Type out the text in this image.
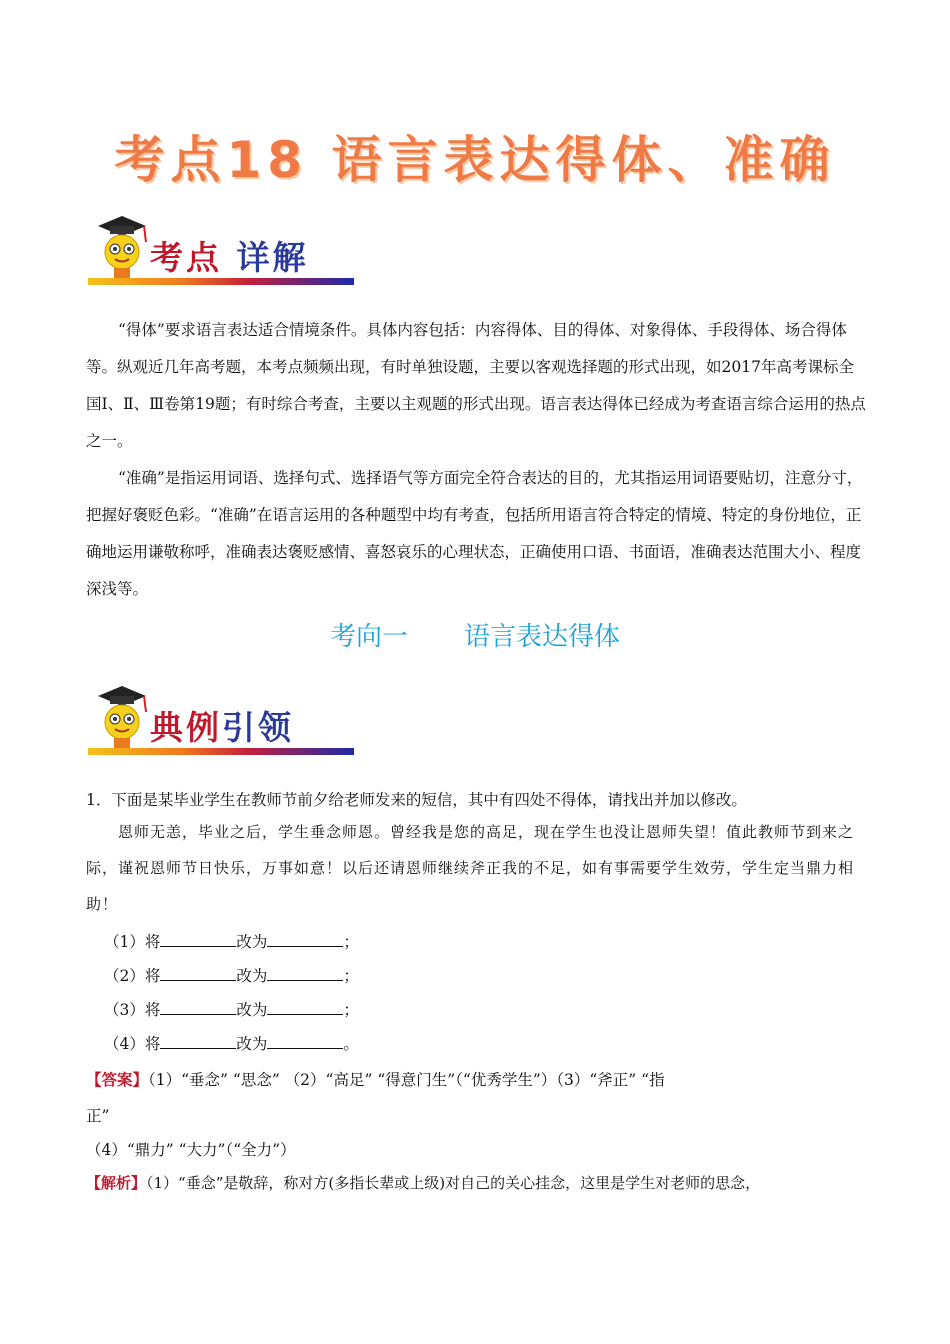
考点18 语言表达得体、准确
考点 详解

“得体”要求语言表达适合情境条件。具体内容包括：内容得体、目的得体、对象得体、手段得体、场合得体等。纵观近几年高考题，本考点频频出现，有时单独设题，主要以客观选择题的形式出现，如2017年高考课标全国Ⅰ、Ⅱ、Ⅲ卷第19题；有时综合考查，主要以主观题的形式出现。语言表达得体已经成为考查语言综合运用的热点之一。

“准确”是指运用词语、选择句式、选择语气等方面完全符合表达的目的，尤其指运用词语要贴切，注意分寸，把握好褒贬色彩。“准确”在语言运用的各种题型中均有考查，包括所用语言符合特定的情境、特定的身份地位，正确地运用谦敬称呼，准确表达褒贬感情、喜怒哀乐的心理状态，正确使用口语、书面语，准确表达范围大小、程度深浅等。

考向一 语言表达得体
典例引领

1．下面是某毕业学生在教师节前夕给老师发来的短信，其中有四处不得体，请找出并加以修改。

恩师无恙，毕业之后，学生垂念师恩。曾经我是您的高足，现在学生也没让恩师失望！值此教师节到来之际，谨祝恩师节日快乐，万事如意！以后还请恩师继续斧正我的不足，如有事需要学生效劳，学生定当鼎力相助！

（1）将	改为	；

（2）将	改为	；

（3）将	改为	；

（4）将	改为	。

【答案】（1）“垂念” “思念” （2）“高足” “得意门生”（“优秀学生”）（3）“斧正” “指

正”

（4）“鼎力” “大力”（“全力”）

【解析】（1）“垂念”是敬辞，称对方(多指长辈或上级)对自己的关心挂念，这里是学生对老师的思念，
